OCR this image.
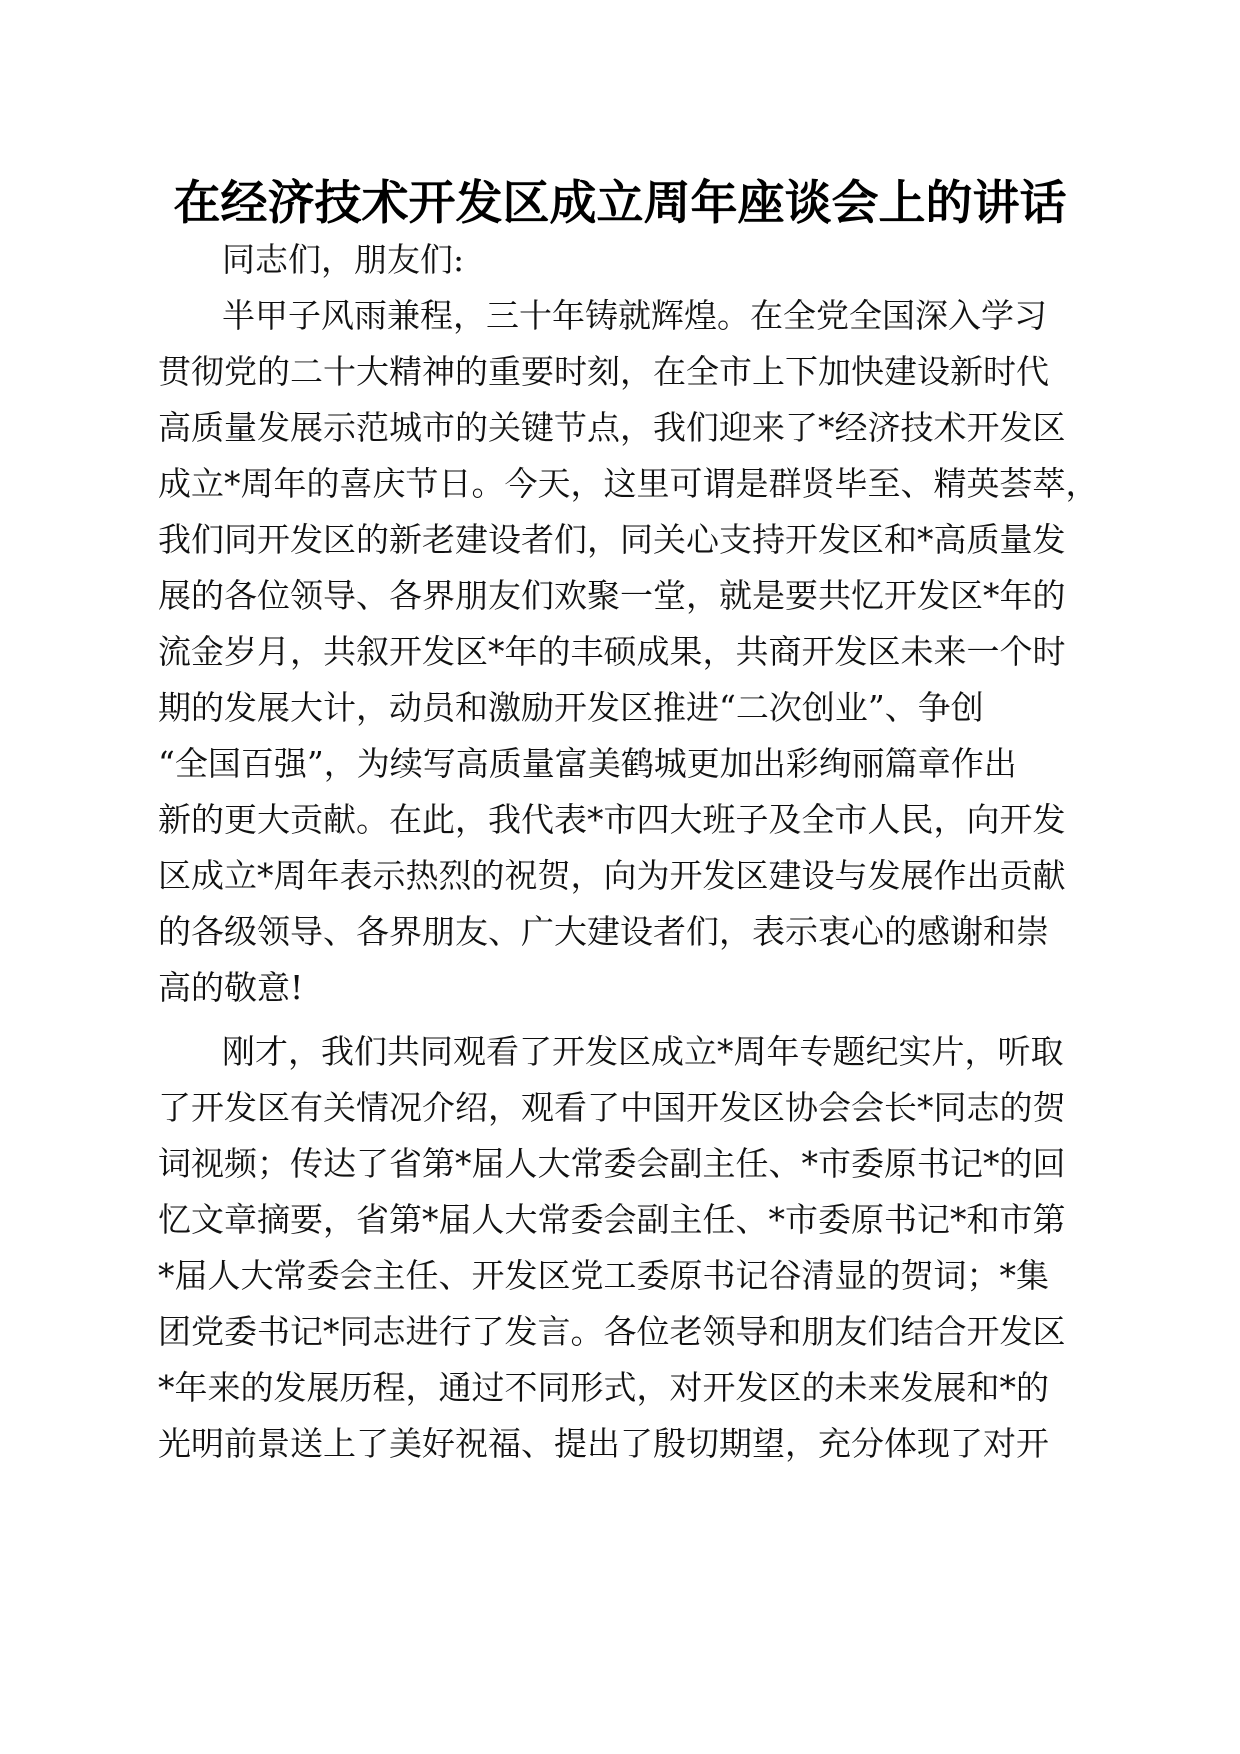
在经济技术开发区成立周年座谈会上的讲话
同志们，朋友们:
半甲子风雨兼程，三十年铸就辉煌。在全党全国深入学习
贯彻党的二十大精神的重要时刻，在全市上下加快建设新时代
高质量发展示范城市的关键节点，我们迎来了*经济技术开发区
成立*周年的喜庆节日。今天，这里可谓是群贤毕至、精英荟萃，
我们同开发区的新老建设者们，同关心支持开发区和*高质量发
展的各位领导、各界朋友们欢聚一堂，就是要共忆开发区*年的
流金岁月，共叙开发区*年的丰硕成果，共商开发区未来一个时
期的发展大计，动员和激励开发区推进“二次创业”、争创
“全国百强”，为续写高质量富美鹤城更加出彩绚丽篇章作出
新的更大贡献。在此，我代表*市四大班子及全市人民，向开发
区成立*周年表示热烈的祝贺，向为开发区建设与发展作出贡献
的各级领导、各界朋友、广大建设者们，表示衷心的感谢和崇
高的敬意!
刚才，我们共同观看了开发区成立*周年专题纪实片，听取
了开发区有关情况介绍，观看了中国开发区协会会长*同志的贺
词视频；传达了省第*届人大常委会副主任、*市委原书记*的回
忆文章摘要，省第*届人大常委会副主任、*市委原书记*和市第
*届人大常委会主任、开发区党工委原书记谷清显的贺词；*集
团党委书记*同志进行了发言。各位老领导和朋友们结合开发区
*年来的发展历程，通过不同形式，对开发区的未来发展和*的
光明前景送上了美好祝福、提出了殷切期望，充分体现了对开
